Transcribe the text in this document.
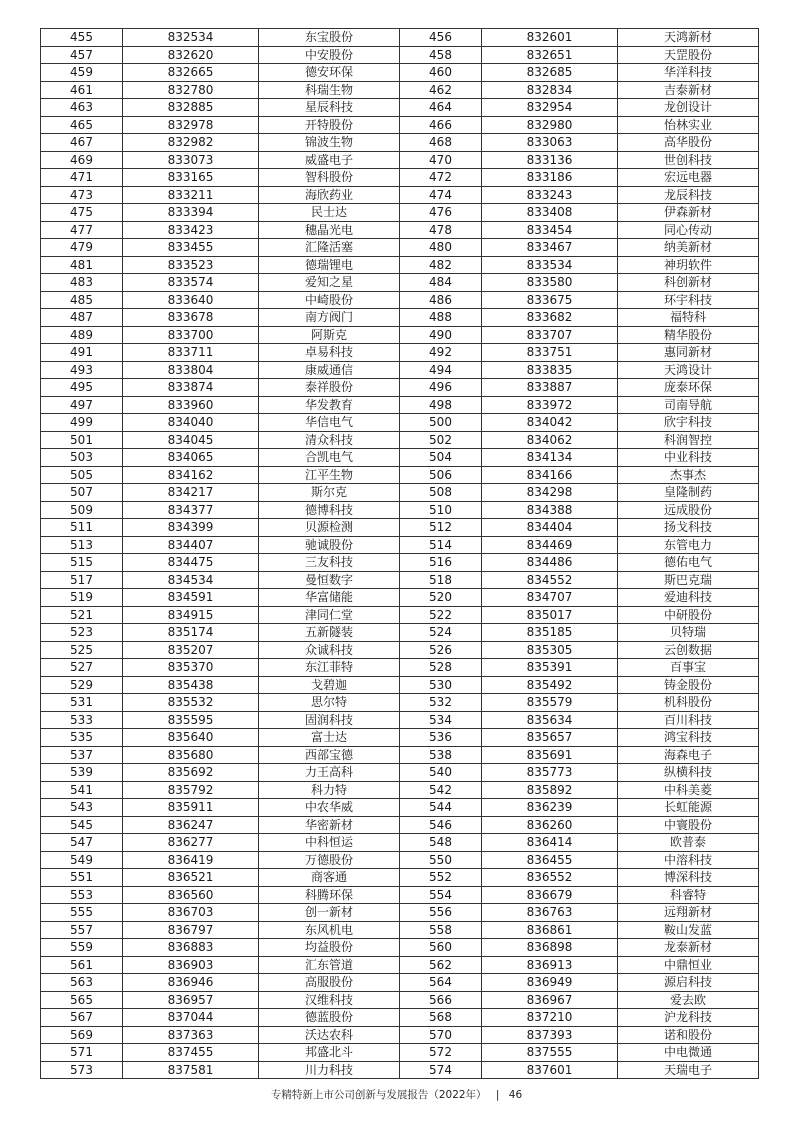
455	832534	东宝股份	456	832601	天鸿新材
457	832620	中安股份	458	832651	天罡股份
459	832665	德安环保	460	832685	华洋科技
461	832780	科瑞生物	462	832834	吉泰新材
463	832885	星辰科技	464	832954	龙创设计
465	832978	开特股份	466	832980	怡林实业
467	832982	锦波生物	468	833063	高华股份
469	833073	威盛电子	470	833136	世创科技
471	833165	智科股份	472	833186	宏远电器
473	833211	海欣药业	474	833243	龙辰科技
475	833394	民士达	476	833408	伊森新材
477	833423	穗晶光电	478	833454	同心传动
479	833455	汇隆活塞	480	833467	纳美新材
481	833523	德瑞锂电	482	833534	神玥软件
483	833574	爱知之星	484	833580	科创新材
485	833640	中崎股份	486	833675	环宇科技
487	833678	南方阀门	488	833682	福特科
489	833700	阿斯克	490	833707	精华股份
491	833711	卓易科技	492	833751	惠同新材
493	833804	康威通信	494	833835	天鸿设计
495	833874	泰祥股份	496	833887	庞泰环保
497	833960	华发教育	498	833972	司南导航
499	834040	华信电气	500	834042	欣宇科技
501	834045	清众科技	502	834062	科润智控
503	834065	合凯电气	504	834134	中业科技
505	834162	江平生物	506	834166	杰事杰
507	834217	斯尔克	508	834298	皇隆制药
509	834377	德博科技	510	834388	远成股份
511	834399	贝源检测	512	834404	扬戈科技
513	834407	驰诚股份	514	834469	东管电力
515	834475	三友科技	516	834486	德佑电气
517	834534	曼恒数字	518	834552	斯巴克瑞
519	834591	华富储能	520	834707	爱迪科技
521	834915	津同仁堂	522	835017	中研股份
523	835174	五新隧装	524	835185	贝特瑞
525	835207	众诚科技	526	835305	云创数据
527	835370	东江菲特	528	835391	百事宝
529	835438	戈碧迦	530	835492	铸金股份
531	835532	思尔特	532	835579	机科股份
533	835595	固润科技	534	835634	百川科技
535	835640	富士达	536	835657	鸿宝科技
537	835680	西部宝德	538	835691	海森电子
539	835692	力王高科	540	835773	纵横科技
541	835792	科力特	542	835892	中科美菱
543	835911	中农华威	544	836239	长虹能源
545	836247	华密新材	546	836260	中寰股份
547	836277	中科恒运	548	836414	欧普泰
549	836419	万德股份	550	836455	中溶科技
551	836521	商客通	552	836552	博深科技
553	836560	科腾环保	554	836679	科睿特
555	836703	创一新材	556	836763	远翔新材
557	836797	东风机电	558	836861	鞍山发蓝
559	836883	均益股份	560	836898	龙泰新材
561	836903	汇东管道	562	836913	中鼎恒业
563	836946	高服股份	564	836949	源启科技
565	836957	汉维科技	566	836967	爱去欧
567	837044	德蓝股份	568	837210	沪龙科技
569	837363	沃达农科	570	837393	诺和股份
571	837455	邦盛北斗	572	837555	中电微通
573	837581	川力科技	574	837601	天瑞电子
专精特新上市公司创新与发展报告（2022年） | 46
